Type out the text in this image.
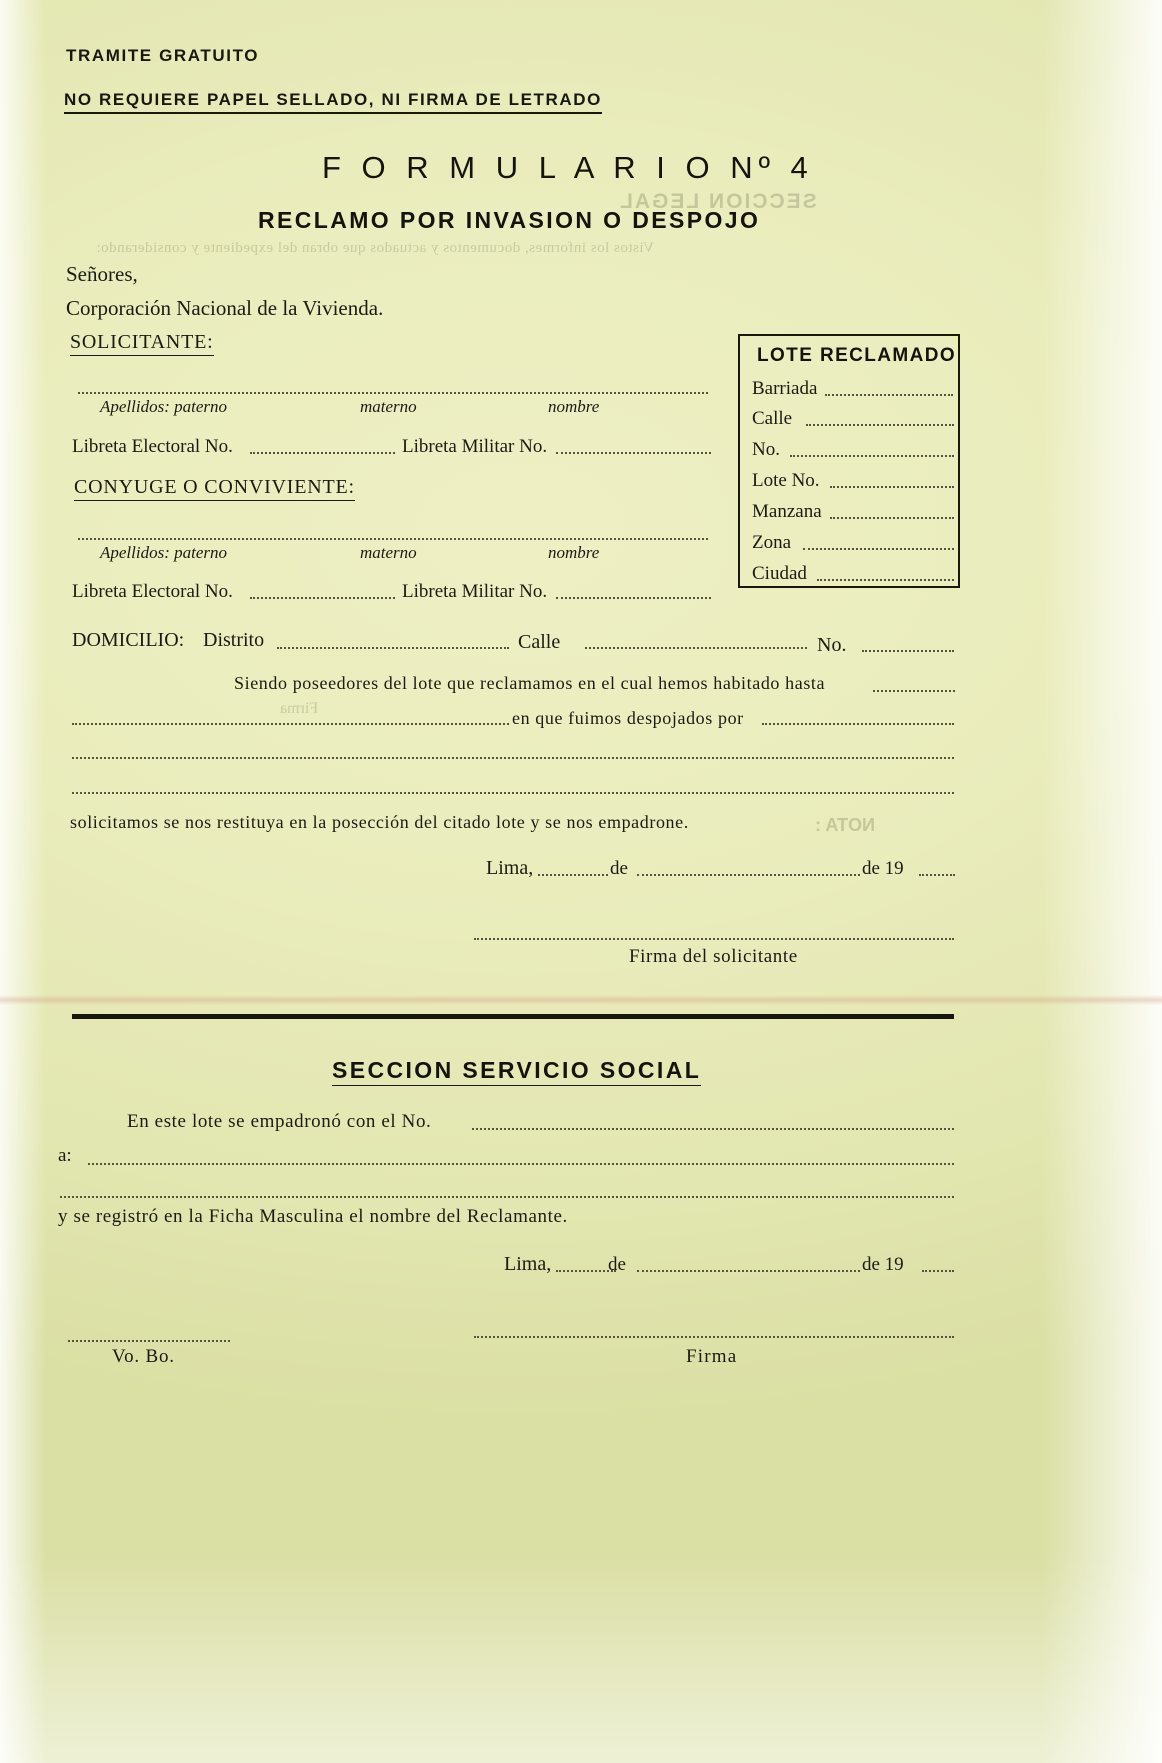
SECCION LEGAL
Vistos los informes, documentos y actuados que obran del expediente y considerando:
Firma
NOTA :
TRAMITE GRATUITO
NO REQUIERE PAPEL SELLADO, NI FIRMA DE LETRADO
F O R M U L A R I O Nº 4
RECLAMO POR INVASION O DESPOJO
Señores,
Corporación Nacional de la Vivienda.
SOLICITANTE:
Apellidos: paterno	materno	nombre
Libreta Electoral No.	Libreta Militar No.
CONYUGE O CONVIVIENTE:
Apellidos: paterno	materno	nombre
Libreta Electoral No.	Libreta Militar No.
LOTE RECLAMADO
Barriada
Calle
No.
Lote No.
Manzana
Zona
Ciudad
DOMICILIO: Distrito	Calle	No.
Siendo poseedores del lote que reclamamos en el cual hemos habitado hasta
en que fuimos despojados por
solicitamos se nos restituya en la posección del citado lote y se nos empadrone.
Lima,	de	de 19
Firma del solicitante
SECCION SERVICIO SOCIAL
En este lote se empadronó con el No.
a:
y se registró en la Ficha Masculina el nombre del Reclamante.
Lima,	de	de 19
Vo. Bo.	Firma
